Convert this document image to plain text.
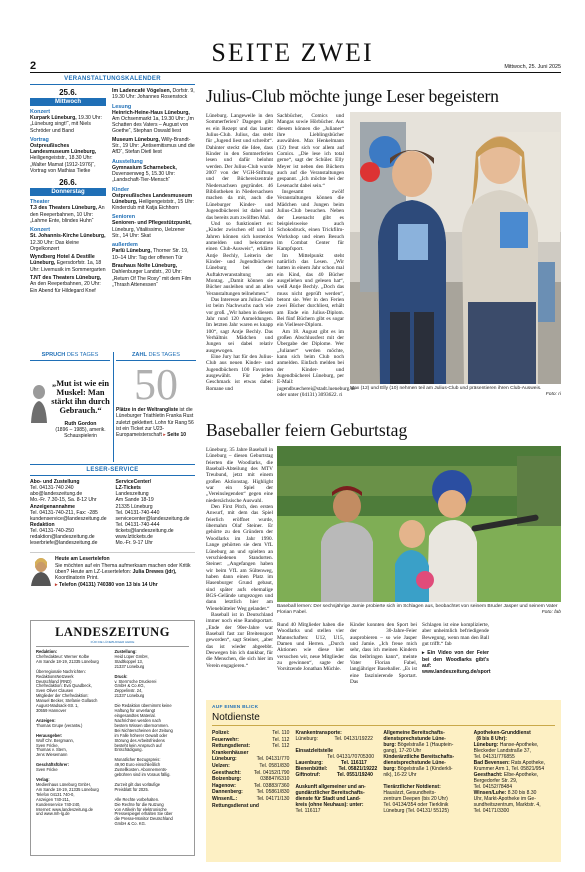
2	SEITE ZWEI	Mittwoch, 25. Juni 2025
VERANSTALTUNGSKALENDER
25.6.
Mittwoch
Konzert
Kurpark Lüneburg, 19.30 Uhr: „Lüneburg singt!“, mit Niels Schröder und Band
Vortrag
Ostpreußisches Landesmuseum Lüneburg, Heiligengeiststr., 18.30 Uhr: „Walter Mamat (1912-1976)“, Vortrag von Mathias Tietke
26.6.
Donnerstag
Theater
T.3 des Theaters Lüneburg, An den Reeperbahnen, 10 Uhr: „Lahme Ente, blindes Huhn“
Konzert
St. Johannis-Kirche Lüneburg, 12.30 Uhr: Das kleine Orgelkonzert
Wyndberg Hotel & Destille Lüneburg, Egersdorfstr. 1a, 18 Uhr: Livemusik im Sommergarten
T.NT des Theaters Lüneburg, An den Reeperbahnen, 20 Uhr: Ein Abend für Hildegard Knef
Im Ladencafé Vögelsen, Dorfstr. 9, 19.30 Uhr: Johannes Rosenstock
Lesung
Heinrich-Heine-Haus Lüneburg, Am Ochsenmarkt 1a, 19.30 Uhr: „Im Schatten des Vaters – August von Goethe“, Stephan Oswald liest
Museum Lüneburg, Willy-Brandt-Str., 19 Uhr: „Antisemitismus und die AfD“, Stefan Dietl liest
Ausstellung
Gymnasium Scharnebeck, Duvensenweg 5, 15.30 Uhr: „Landschaft-Tier-Mensch“
Kinder
Ostpreußisches Landesmuseum Lüneburg, Heiligengeiststr., 15 Uhr: Kinderclub mit Katja Eichhorn
Senioren
Senioren- und Pflegestützpunkt, Lüneburg, Vitaliissimo, Uelzener Str., 14 Uhr: Skat
außerdem
Parlü Lüneburg, Thorner Str. 19, 10–14 Uhr: Tag der offenen Tür
Brauhaus Nolte Lüneburg, Dahlenburger Landstr., 20 Uhr: „Return Of The Roxy“ mit dem Film „Thrash Attenessen“
SPRUCH DES TAGES
„Mut ist wie ein Muskel: Man stärkt ihn durch Gebrauch.“
Ruth Gordon
(1896 – 1985), amerik. Schauspielerin
ZAHL DES TAGES
50
Plätze in der Weltrangliste ist die Lüneburger Triathletin Franka Rust zuletzt geklettert. Lohn für Rang 56 ist ein Ticket zur U23-Europameisterschaft ▸ Seite 10
LESER-SERVICE
Abo- und Zustellung
Tel. 04131-740 240
abo@landeszeitung.de
Mo.-Fr. 7.30-15, Sa. 8-12 Uhr
Anzeigenannahme
Tel. 04131-740-211, Fax: -285
kundenservice@landeszeitung.de
Redaktion
Tel. 04131-740-250
redaktion@landeszeitung.de
leserbriefe@landeszeitung.de
ServiceCenter/
LZ-Tickets
Landeszeitung
Am Sande 18-19
21335 Lüneburg
Tel. 04131-740-440
servicecenter@landeszeitung.de
Tel. 04131-740-444
tickets@landeszeitung.de
www.lztickets.de
Mo.-Fr. 9-17 Uhr
Heute am Lesertelefon
Sie möchten auf ein Thema aufmerksam machen oder Kritik üben? Heute am LZ-Lesertelefon: Julia Drewes (jdr), Koordinatorin Print.
▸ Telefon (04131) 740380 von 13 bis 14 Uhr
LANDESZEITUNG
FÜR DIE LÜNEBURGER HEIDE
Redaktion:
Chefredakteur: Werner Kolbe
Am Sande 18-19, 21335 Lüneburg

Überregionale Nachrichten:
RedaktionsNetzwerk
Deutschland (RND)
Chefredaktion: Eva Quadbeck,
Sven Oliver Clausen
Mitglieder der Chefredaktion:
Manuel Becker, Stefanie Gollasch
August-Madsack-Str. 1,
30559 Hannover

Anzeigen:
Thomas Grupe (verantw.)

Herausgeber:
Wolf Chr. Bergmann,
Sven Fricke,
Thomas v. Stern,
Jens Wiesemann

Geschäftsführer:
Sven Fricke

Verlag:
Medienhaus Lüneburg GmbH,
Am Sande 18-19, 21335 Lüneburg
Telefon 04131 740-0,
Anzeigen 740-211,
Kundenservice 740-240,
Internet: www.landeszeitung.de
und www.mh-lg.de
Zustellung:
Heid Lüper GmbH,
Stadtkoppel 13,
21337 Lüneburg

Druck:
v. Stern'sche Druckerei
GmbH & Co.KG,
Zeppelinstr. 24,
21337 Lüneburg

Die Redaktion übernimmt keine
Haftung für unverlangt
eingesandtes Material.
Nachrichten werden nach
bestem Wissen übernommen.
Bei Nichterscheinen der Zeitung
im Falle höherer Gewalt oder
Störung des Arbeitsfriedens
besteht kein Anspruch auf
Entschädigung.

Monatlicher Bezugspreis:
49,90 Euro einschließlich
Zustellkosten. Abonnements-
gebühren sind im Voraus fällig.

Zurzeit gilt das vorläufige
Preisblatt für 2025.

Alle Rechte vorbehalten.
Die Rechte für die Nutzung
von Artikeln für elektronische
Pressespiegel erhalten Sie über
die Presse-Monitor Deutschland
GmbH & Co. KG.
Julius-Club möchte junge Leser begeistern

Lüneburg. Langeweile in den Sommerferien? Dagegen gibt es ein Rezept und das lautet: Julius-Club. Julius, das steht für „Jugend liest und schreibt“. Dahinter steckt die Idee, dass Kinder in den Sommerferien lesen und dafür belohnt werden. Der Julius-Club wurde 2007 von der VGH-Stiftung und der Büchereizentrale Niedersachsen gegründet. 46 Bibliotheken in Niedersachsen machen da mit, auch die Lüneburger Kinder- und Jugendbücherei ist dabei und das bereits zum zwölften Mal.

Und so funktioniert es: „Kinder zwischen elf und 14 Jahren können sich kostenlos anmelden und bekommen einen Club-Ausweis“, erklärte Antje Bechly, Leiterin der Kinder- und Jugendbücherei Lüneburg bei der Auftaktveranstaltung am Montag. „Damit können sie Bücher ausleihen und an allen Veranstaltungen teilnehmen.“

Das Interesse am Julius-Club ist beim Nachwuchs nach wie vor groß. „Wir haben in diesem Jahr rund 120 Anmeldungen. Im letzten Jahr waren es knapp 100“, sagt Antje Bechly. Das Verhältnis Mädchen und Jungen sei dabei relativ ausgewogen.

Eine Jury hat für den Julius-Club aus neuen Kinder- und Jugendbüchern 100 Favoriten ausgewählt. Für jeden Geschmack ist etwas dabei: Romane und

Sachbücher, Comics und Mangas sowie Hörbücher. Aus diesem können die „Julianer“ ihre Lieblingsbücher auswählen. Max Henkelmann (12) freut sich vor allem auf Comics. „Die lese ich total gerne“, sagt der Schüler. Elly Meyer ist neben den Büchern auch auf die Veranstaltungen gespannt. „Ich möchte bei der Lesenacht dabei sein.“

Insgesamt zwölf Veranstaltungen können die Mädchen und Jungen beim Julius-Club besuchen. Neben der Lesenacht gibt es beispielsweise auch Schokodruck, einen Trickfilm-Workshop und einen Besuch im Combat Center für Kampfsport.

Im Mittelpunkt steht natürlich das Lesen. „Wir hatten in einem Jahr schon mal ein Kind, das 40 Bücher ausgeliehen und gelesen hat“, weiß Antje Bechly. „Doch das muss nicht geprüft werden“, betont sie. Wer in den Ferien zwei Bücher durchliest, erhält am Ende ein Julius-Diplom. Bei fünf Büchern gibt es sogar ein Vielleser-Diplom.

Am 18. August gibt es im großen Abschlussfest mit der Übergabe der Diplome. Wer „Julianer“ werden möchte, kann sich beim Club noch anmelden. Einfach melden bei der Kinder- und Jugendbücherei Lüneburg, per E-Mail: jugendbuecherei@stadt.lueneburg.de oder unter (04131) 3093622. ri

Max (12) und Elly (10) nehmen teil am Julius-Club und präsentieren ihren Club-Ausweis.
Foto: ri
Baseballer feiern Geburtstag

Lüneburg. 35 Jahre Baseball in Lüneburg – diesen Geburtstag feierten die Woodlarks, die Baseball-Abteilung des MTV Treubund, jetzt mit einem großen Aktionstag. Highlight war ein Spiel der „Vereinslegenden“ gegen eine niedersächsische Auswahl.

Den First Pitch, den ersten Anwurf, mit dem das Spiel feierlich eröffnet wurde, übernahm Olaf Steiner. Er gehörte zu den Gründern der Woodlarks im Jahr 1990. Lange gehörten sie dem VfL Lüneburg an und spielten an verschiedenen Standorten. Steiner: „Angefangen haben wir beim VfL am Sültenweg, haben dann einen Platz im Hasenburger Grund gebaut, sind später aufs ehemalige BGS-Gelände umgezogen und dann letztlich hier am Wienebütteler Weg gelandet.“

Baseball ist in Deutschland immer noch eine Randsportart. „Ende der 90er-Jahre war Baseball fast zur Breitensport geworden“, sagt Steiner, „aber das ist wieder abgeebbt. Deswegen bin ich dankbar, für die Menschen, die sich hier im Verein engagieren.“

Baseball lernen: Der sechsjährige Jamie probierte sich im Schlagen aus, beobachtet von seinem Bruder Jasper und seinem Vater Florian Fabel.	Foto: fab
Rund 40 Mitglieder haben die Woodlarks und stellen vier Mannschaften: U12, U15, Damen und Herren. „Durch Aktionen wie diese hier versuchen wir, neue Mitglieder zu gewinnen“, sagte der Vorsitzende Jonathan Müchle.
Kinder konnten den Sport bei der 30-Jahre-Feier ausprobieren – so wie Jasper und Jamie. „Ich freue mich sehr, dass ich meinen Kindern das beibringen kann“, meinte Vater Florian Fabel, langjähriger Baseballer. „Es ist eine faszinierende Sportart. Das
Schlagen ist eine komplizierte, aber unheimlich befriedigende Bewegung, wenn man den Ball gut trifft.“ fab
▸ Ein Video von der Feier bei den Woodlarks gibt’s auf: www.landeszeitung.de/sport
AUF EINEN BLICK
Notdienste
Polizei:	Tel. 110
Feuerwehr:	Tel. 112
Rettungsdienst:	Tel. 112
Krankenhäuser
Lüneburg:	Tel. 04131/770
Uelzen:	Tel. 0581/830
Geesthacht:	Tel. 04152/1790
Boizenburg:	038847/6310
Hagenow:	Tel. 03883/7360
Dannenberg:	Tel. 05861/830
Winsen/L.:	Tel. 04171/130
Rettungsdienst und
Krankentransporte:
Lüneburg:            Tel. 04131/19222

Einsatzleitstelle
Tel. 04131/70705300
Lauenburg:             Tel. 116117
Bienenbüttel:        Tel. 05821/19222
Giftnotruf:            Tel. 0551/19240

Auskunft allgemeiner und an-
gundärztlicher Bereitschafts-
dienste für Stadt und Land-
kreis (ohne Neuhaus): unter:
Tel. 116117
Allgemeine Bereitschafts-
dienstsprechstunde Lüne-
burg: Bögelstraße 1 (Hauptein-
gang), 17-20 Uhr
Kinderärztliche Bereitschafts-
dienstsprechstunde Lüne-
burg: Bögelstraße 1 (Kinderkli-
nik), 16-22 Uhr

Tierärztlicher Notdienst:
Hausärzt, Gesundheits-
zentrum Deepen (bis 20 Uhr)
Tel. 04134/354 oder Tierklinik
Lüneburg (Tel. 04131/ 55125)
Apotheken-Grunddienst
(8 bis 8 Uhr):
Lüneburg: Hanse-Apotheke,
Bleckeder Landstraße 37,
Tel. 04131/776855
Bad Bevensen: Rats Apotheke,
Krummer Arm 1, Tel. 05821/954
Geesthacht: Elbe-Apotheke,
Bergedorfer Str. 29,
Tel. 04152/78484
Winsen/Luhe: 8.30 bis 8.30
Uhr, Markt-Apotheke im Ge-
sundheitszentrum, Marktstr. 4,
Tel. 04171/3300
